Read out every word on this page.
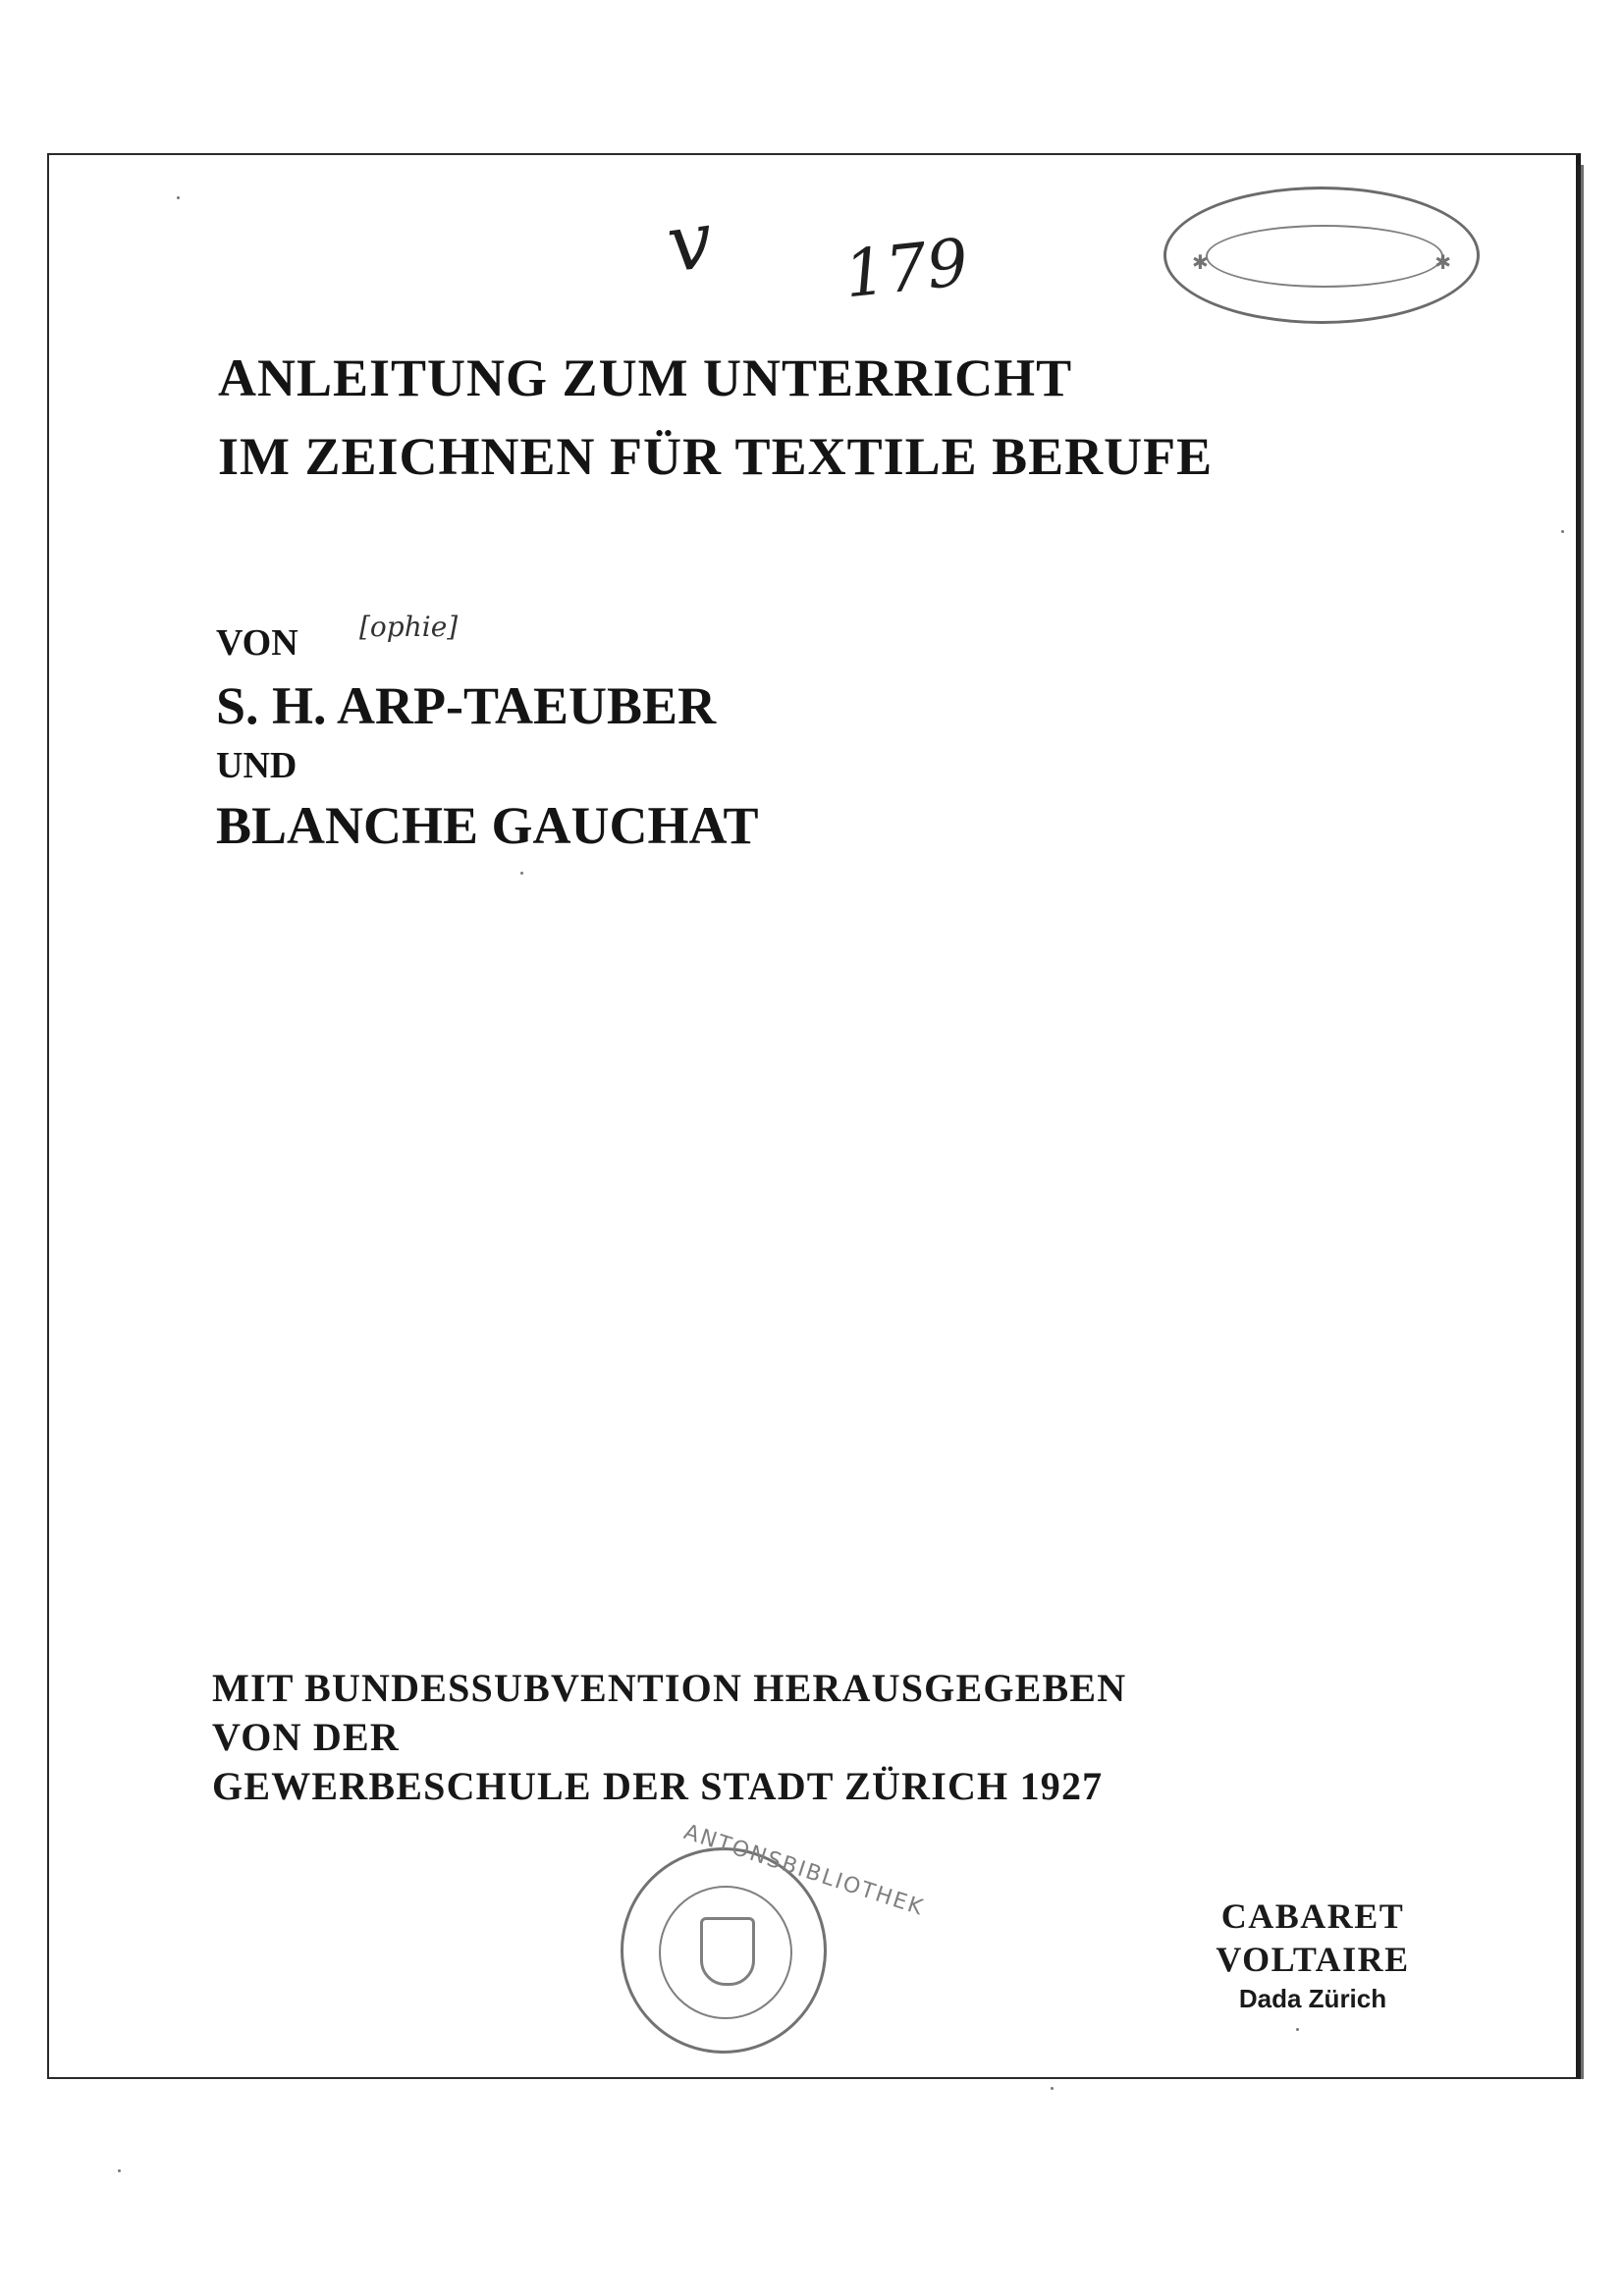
v 179	✱	✱
ANLEITUNG ZUM UNTERRICHT
IM ZEICHNEN FÜR TEXTILE BERUFE
[ophie]
VON
S. H. ARP-TAEUBER
UND
BLANCHE GAUCHAT
MIT BUNDESSUBVENTION HERAUSGEGEBEN
VON DER
GEWERBESCHULE DER STADT ZÜRICH 1927
ANTONSBIBLIOTHEK	CABARET VOLTAIRE
Dada Zürich
